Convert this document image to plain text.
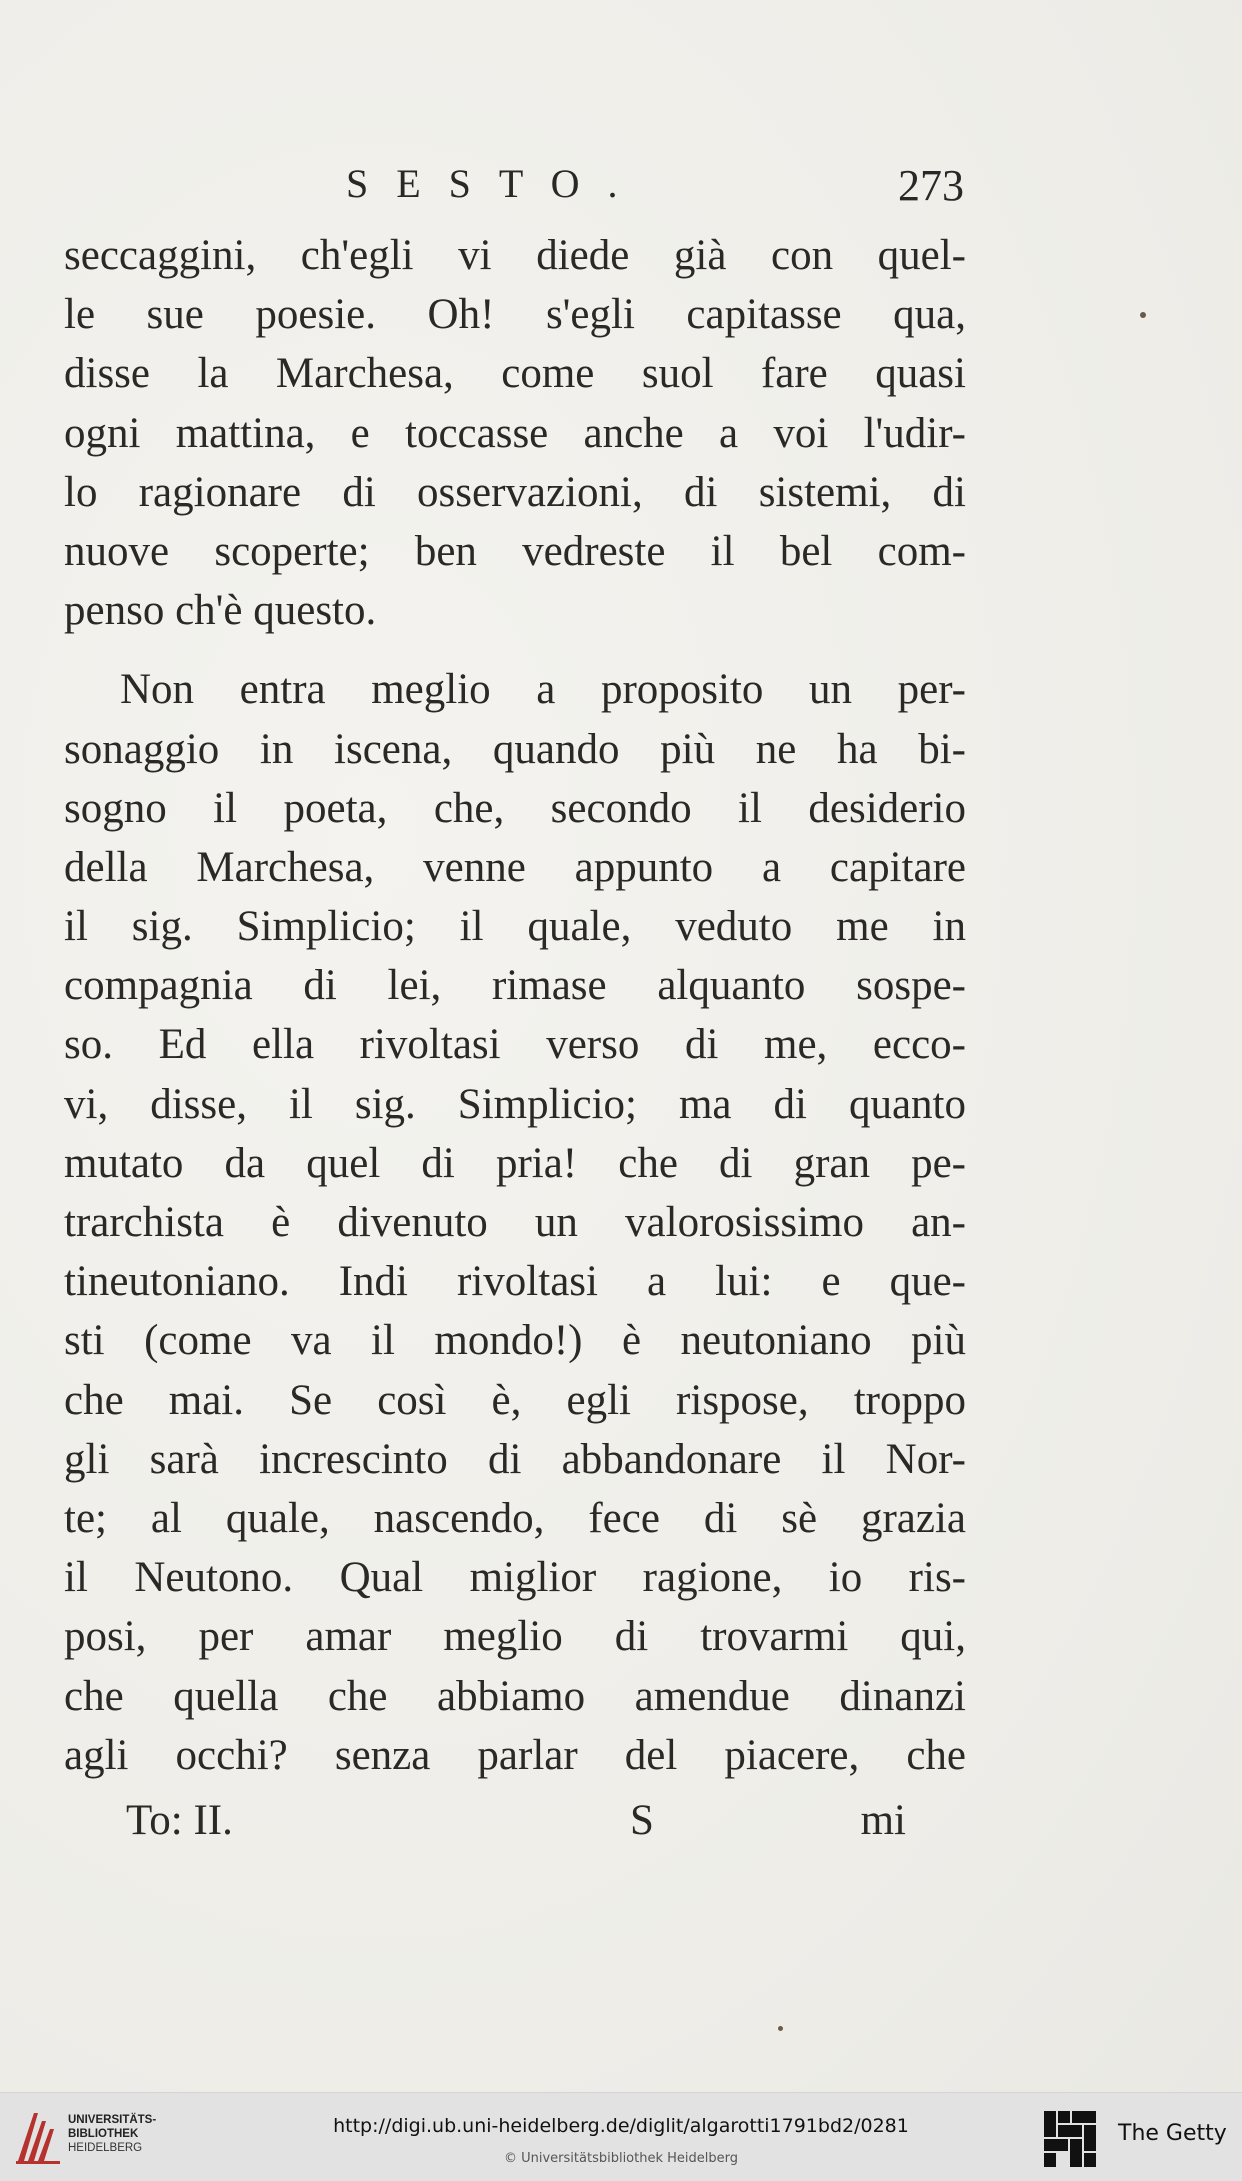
SESTO.	273
seccaggini, ch'egli vi diede già con quel-
le sue poesie. Oh! s'egli capitasse qua,
disse la Marchesa, come suol fare quasi
ogni mattina, e toccasse anche a voi l'udir-
lo ragionare di osservazioni, di sistemi, di
nuove scoperte; ben vedreste il bel com-
penso ch'è questo.
Non entra meglio a proposito un per-
sonaggio in iscena, quando più ne ha bi-
sogno il poeta, che, secondo il desiderio
della Marchesa, venne appunto a capitare
il sig. Simplicio; il quale, veduto me in
compagnia di lei, rimase alquanto sospe-
so. Ed ella rivoltasi verso di me, ecco-
vi, disse, il sig. Simplicio; ma di quanto
mutato da quel di pria! che di gran pe-
trarchista è divenuto un valorosissimo an-
tineutoniano. Indi rivoltasi a lui: e que-
sti (come va il mondo!) è neutoniano più
che mai. Se così è, egli rispose, troppo
gli sarà increscinto di abbandonare il Nor-
te; al quale, nascendo, fece di sè grazia
il Neutono. Qual miglior ragione, io ris-
posi, per amar meglio di trovarmi qui,
che quella che abbiamo amendue dinanzi
agli occhi? senza parlar del piacere, che
To: II.	S	mi
UNIVERSITÄTS-
BIBLIOTHEK
HEIDELBERG
http://digi.ub.uni-heidelberg.de/diglit/algarotti1791bd2/0281
© Universitätsbibliothek Heidelberg
The Getty
